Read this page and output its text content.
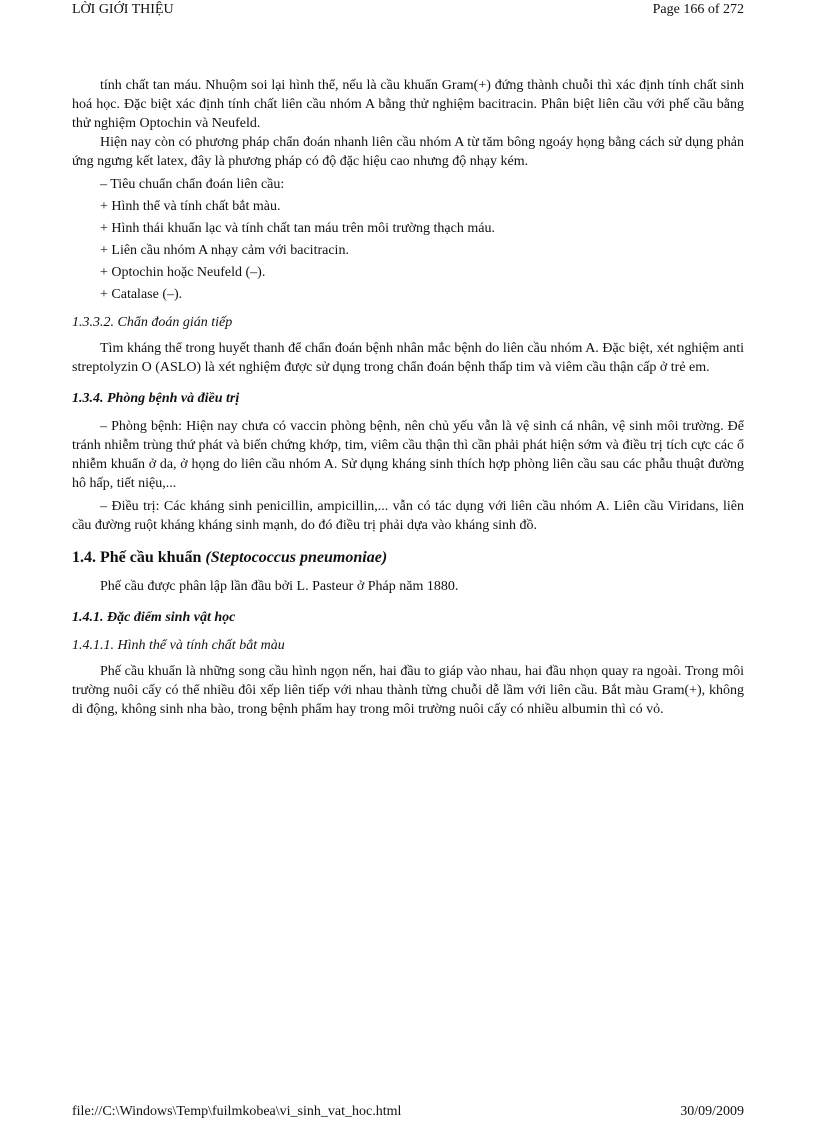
LỜI GIỚI THIỆU	Page 166 of 272

tính chất tan máu. Nhuộm soi lại hình thể, nếu là cầu khuẩn Gram(+) đứng thành chuỗi thì xác định tính chất sinh hoá học. Đặc biệt xác định tính chất liên cầu nhóm A bằng thử nghiệm bacitracin. Phân biệt liên cầu với phế cầu bằng thử nghiệm Optochin và Neufeld.

Hiện nay còn có phương pháp chẩn đoán nhanh liên cầu nhóm A từ tăm bông ngoáy họng bằng cách sử dụng phản ứng ngưng kết latex, đây là phương pháp có độ đặc hiệu cao nhưng độ nhạy kém.

– Tiêu chuẩn chẩn đoán liên cầu:

+ Hình thể và tính chất bắt màu.

+ Hình thái khuẩn lạc và tính chất tan máu trên môi trường thạch máu.

+ Liên cầu nhóm A nhạy cảm với bacitracin.

+ Optochin hoặc Neufeld (–).

+ Catalase (–).

1.3.3.2. Chẩn đoán gián tiếp

Tìm kháng thể trong huyết thanh để chẩn đoán bệnh nhân mắc bệnh do liên cầu nhóm A. Đặc biệt, xét nghiệm anti streptolyzin O (ASLO) là xét nghiệm được sử dụng trong chẩn đoán bệnh thấp tim và viêm cầu thận cấp ở trẻ em.

1.3.4. Phòng bệnh và điều trị

– Phòng bệnh: Hiện nay chưa có vaccin phòng bệnh, nên chủ yếu vẫn là vệ sinh cá nhân, vệ sinh môi trường. Để tránh nhiễm trùng thứ phát và biến chứng khớp, tim, viêm cầu thận thì cần phải phát hiện sớm và điều trị tích cực các ổ nhiễm khuẩn ở da, ở họng do liên cầu nhóm A. Sử dụng kháng sinh thích hợp phòng liên cầu sau các phẫu thuật đường hô hấp, tiết niệu,...

– Điều trị: Các kháng sinh penicillin, ampicillin,... vẫn có tác dụng với liên cầu nhóm A. Liên cầu Viridans, liên cầu đường ruột kháng kháng sinh mạnh, do đó điều trị phải dựa vào kháng sinh đồ.

1.4. Phế cầu khuẩn (Steptococcus pneumoniae)

Phế cầu được phân lập lần đầu bởi L. Pasteur ở Pháp năm 1880.

1.4.1. Đặc điểm sinh vật học
1.4.1.1. Hình thể và tính chất bắt màu

Phế cầu khuẩn là những song cầu hình ngọn nến, hai đầu to giáp vào nhau, hai đầu nhọn quay ra ngoài. Trong môi trường nuôi cấy có thể nhiều đôi xếp liên tiếp với nhau thành từng chuỗi dễ lầm với liên cầu. Bắt màu Gram(+), không di động, không sinh nha bào, trong bệnh phẩm hay trong môi trường nuôi cấy có nhiều albumin thì có vỏ.

file://C:\Windows\Temp\fuilmkobea\vi_sinh_vat_hoc.html	30/09/2009
